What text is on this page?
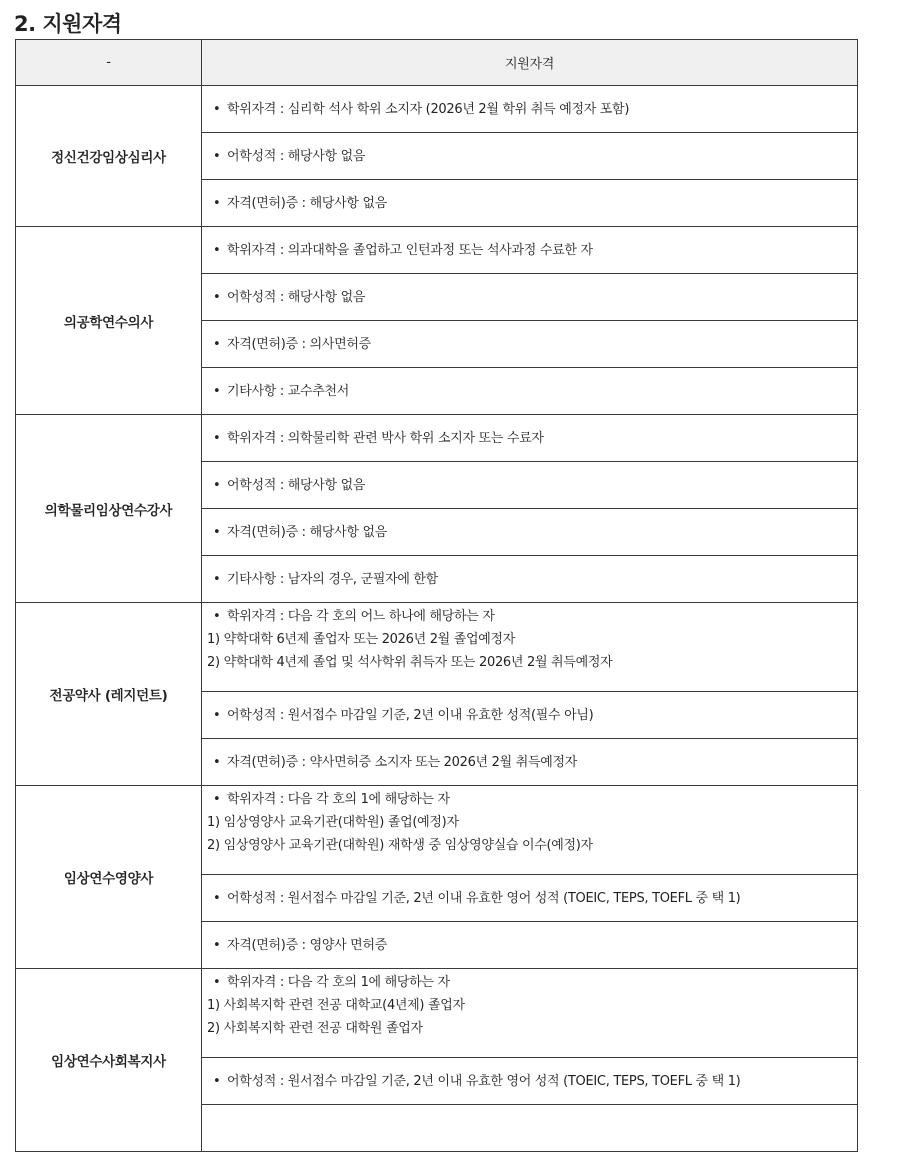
2. 지원자격
-	지원자격
정신건강임상심리사	• 학위자격 : 심리학 석사 학위 소지자 (2026년 2월 학위 취득 예정자 포함)

	• 어학성적 : 해당사항 없음

	• 자격(면허)증 : 해당사항 없음

의공학연수의사	• 학위자격 : 의과대학을 졸업하고 인턴과정 또는 석사과정 수료한 자

	• 어학성적 : 해당사항 없음

	• 자격(면허)증 : 의사면허증

	• 기타사항 : 교수추천서

의학물리임상연수강사	• 학위자격 : 의학물리학 관련 박사 학위 소지자 또는 수료자

	• 어학성적 : 해당사항 없음

	• 자격(면허)증 : 해당사항 없음

	• 기타사항 : 남자의 경우, 군필자에 한함

전공약사 (레지던트)	• 학위자격 : 다음 각 호의 어느 하나에 해당하는 자
1) 약학대학 6년제 졸업자 또는 2026년 2월 졸업예정자
2) 약학대학 4년제 졸업 및 석사학위 취득자 또는 2026년 2월 취득예정자

	• 어학성적 : 원서접수 마감일 기준, 2년 이내 유효한 성적(필수 아님)

	• 자격(면허)증 : 약사면허증 소지자 또는 2026년 2월 취득예정자

임상연수영양사	• 학위자격 : 다음 각 호의 1에 해당하는 자
1) 임상영양사 교육기관(대학원) 졸업(예정)자
2) 임상영양사 교육기관(대학원) 재학생 중 임상영양실습 이수(예정)자

	• 어학성적 : 원서접수 마감일 기준, 2년 이내 유효한 영어 성적 (TOEIC, TEPS, TOEFL 중 택 1)

	• 자격(면허)증 : 영양사 면허증

임상연수사회복지사	• 학위자격 : 다음 각 호의 1에 해당하는 자
1) 사회복지학 관련 전공 대학교(4년제) 졸업자
2) 사회복지학 관련 전공 대학원 졸업자

	• 어학성적 : 원서접수 마감일 기준, 2년 이내 유효한 영어 성적 (TOEIC, TEPS, TOEFL 중 택 1)
